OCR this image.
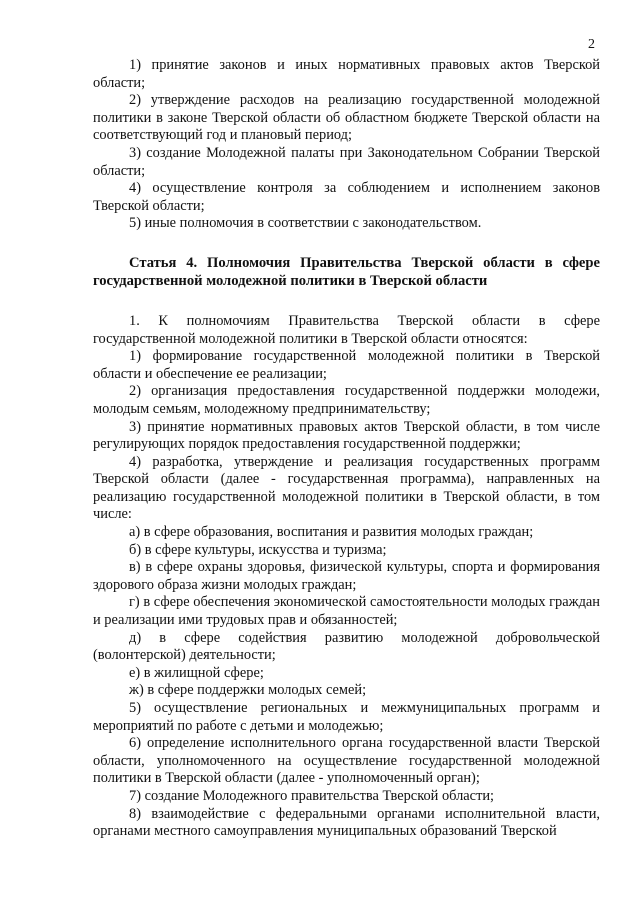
2

1) принятие законов и иных нормативных правовых актов Тверской области;

2) утверждение расходов на реализацию государственной молодежной политики в законе Тверской области об областном бюджете Тверской области на соответствующий год и плановый период;

3) создание Молодежной палаты при Законодательном Собрании Тверской области;

4) осуществление контроля за соблюдением и исполнением законов Тверской области;

5) иные полномочия в соответствии с законодательством.

Статья 4. Полномочия Правительства Тверской области в сфере государственной молодежной политики в Тверской области

1. К полномочиям Правительства Тверской области в сфере государственной молодежной политики в Тверской области относятся:

1) формирование государственной молодежной политики в Тверской области и обеспечение ее реализации;

2) организация предоставления государственной поддержки молодежи, молодым семьям, молодежному предпринимательству;

3) принятие нормативных правовых актов Тверской области, в том числе регулирующих порядок предоставления государственной поддержки;

4) разработка, утверждение и реализация государственных программ Тверской области (далее - государственная программа), направленных на реализацию государственной молодежной политики в Тверской области, в том числе:

а) в сфере образования, воспитания и развития молодых граждан;

б) в сфере культуры, искусства и туризма;

в) в сфере охраны здоровья, физической культуры, спорта и формирования здорового образа жизни молодых граждан;

г) в сфере обеспечения экономической самостоятельности молодых граждан и реализации ими трудовых прав и обязанностей;

д) в сфере содействия развитию молодежной добровольческой (волонтерской) деятельности;

е) в жилищной сфере;

ж) в сфере поддержки молодых семей;

5) осуществление региональных и межмуниципальных программ и мероприятий по работе с детьми и молодежью;

6) определение исполнительного органа государственной власти Тверской области, уполномоченного на осуществление государственной молодежной политики в Тверской области (далее - уполномоченный орган);

7) создание Молодежного правительства Тверской области;

8) взаимодействие с федеральными органами исполнительной власти, органами местного самоуправления муниципальных образований Тверской
